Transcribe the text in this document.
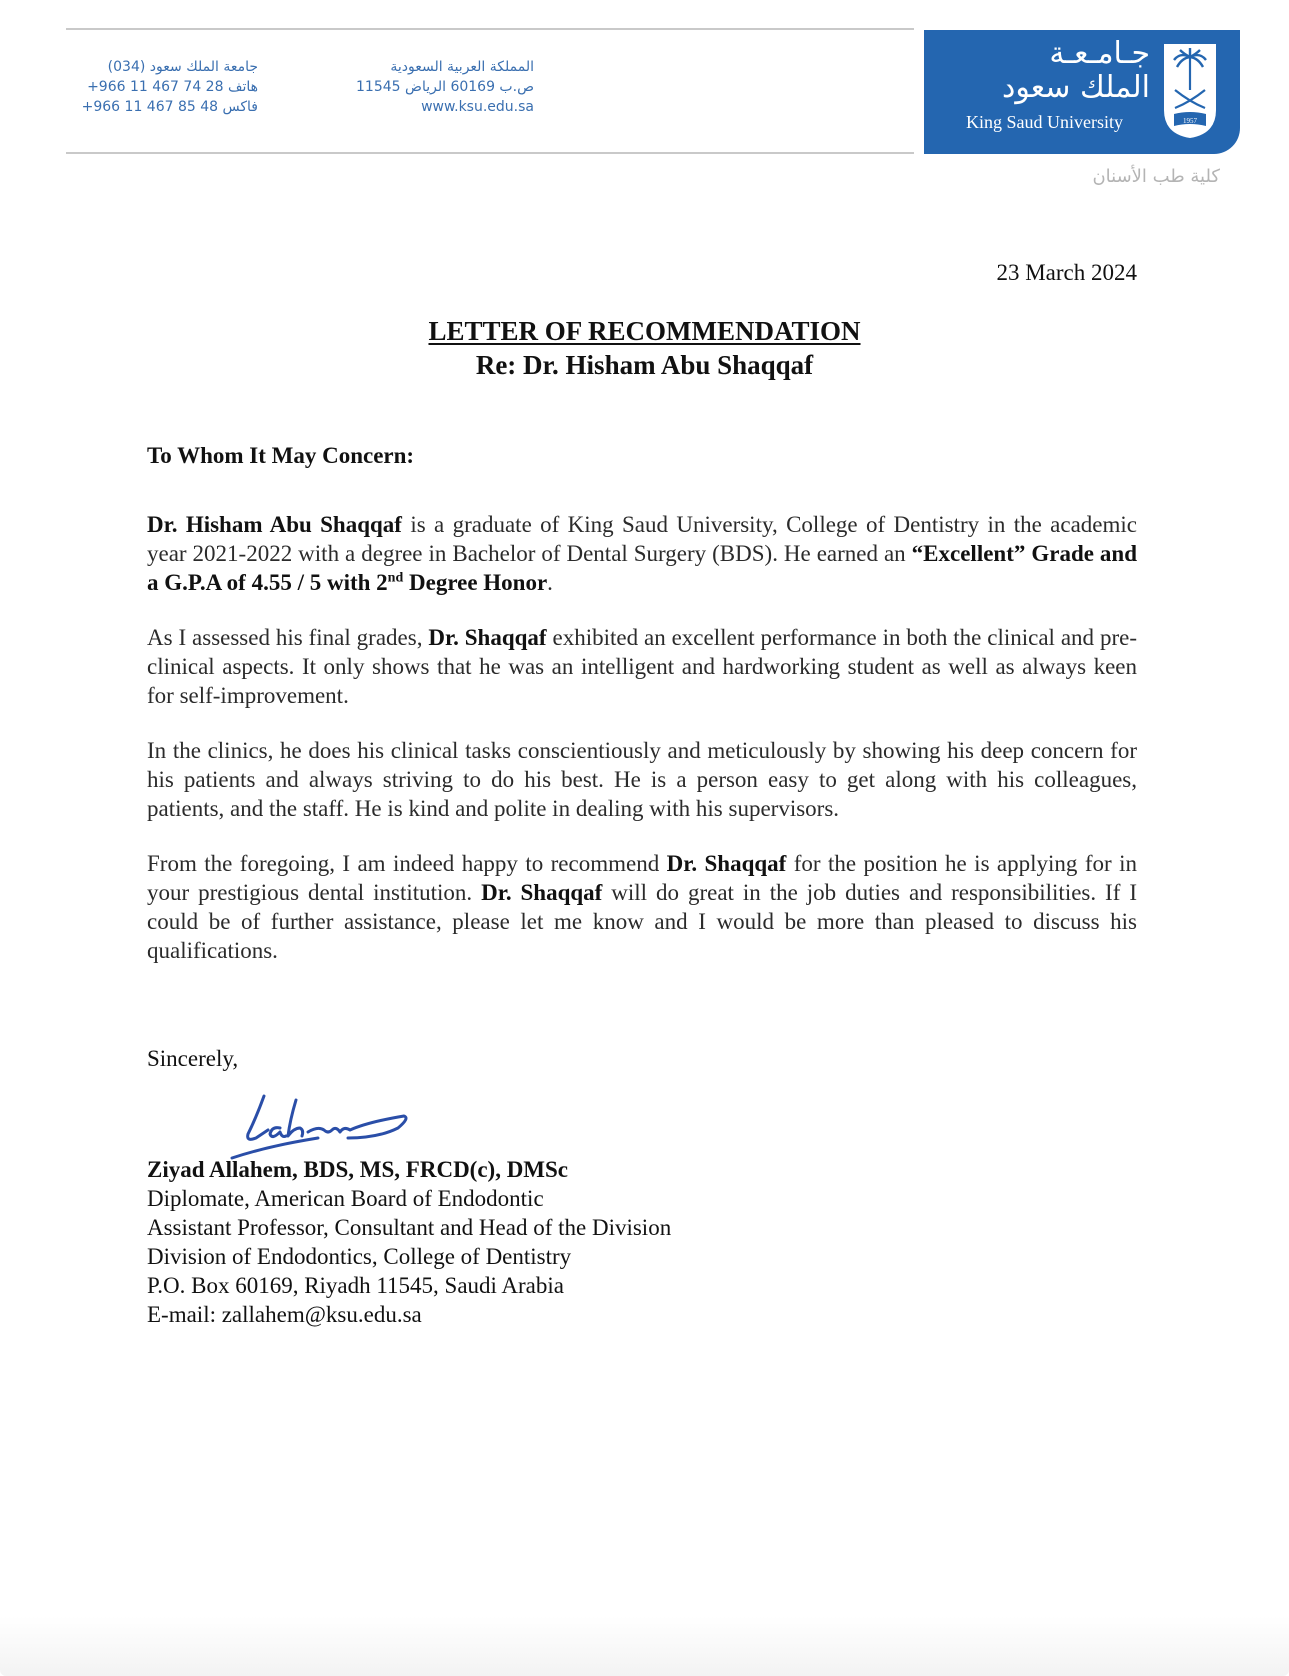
جامعة الملك سعود (034)
+966 11 467 74 28 هاتف
+966 11 467 85 48 فاكس
المملكة العربية السعودية
ص.ب 60169 الرياض 11545
www.ksu.edu.sa
جـامـعـة
الملك سعود
King Saud University	1957
كلية طب الأسنان
23 March 2024
LETTER OF RECOMMENDATION
Re: Dr. Hisham Abu Shaqqaf
To Whom It May Concern:
Dr. Hisham Abu Shaqqaf is a graduate of King Saud University, College of Dentistry in the academic year 2021-2022 with a degree in Bachelor of Dental Surgery (BDS). He earned an “Excellent” Grade and a G.P.A of 4.55 / 5 with 2nd Degree Honor.
As I assessed his final grades, Dr. Shaqqaf exhibited an excellent performance in both the clinical and pre-clinical aspects. It only shows that he was an intelligent and hardworking student as well as always keen for self-improvement.
In the clinics, he does his clinical tasks conscientiously and meticulously by showing his deep concern for his patients and always striving to do his best. He is a person easy to get along with his colleagues, patients, and the staff. He is kind and polite in dealing with his supervisors.
From the foregoing, I am indeed happy to recommend Dr. Shaqqaf for the position he is applying for in your prestigious dental institution. Dr. Shaqqaf will do great in the job duties and responsibilities. If I could be of further assistance, please let me know and I would be more than pleased to discuss his qualifications.
Sincerely,
Ziyad Allahem, BDS, MS, FRCD(c), DMSc
Diplomate, American Board of Endodontic
Assistant Professor, Consultant and Head of the Division
Division of Endodontics, College of Dentistry
P.O. Box 60169, Riyadh 11545, Saudi Arabia
E-mail: zallahem@ksu.edu.sa
